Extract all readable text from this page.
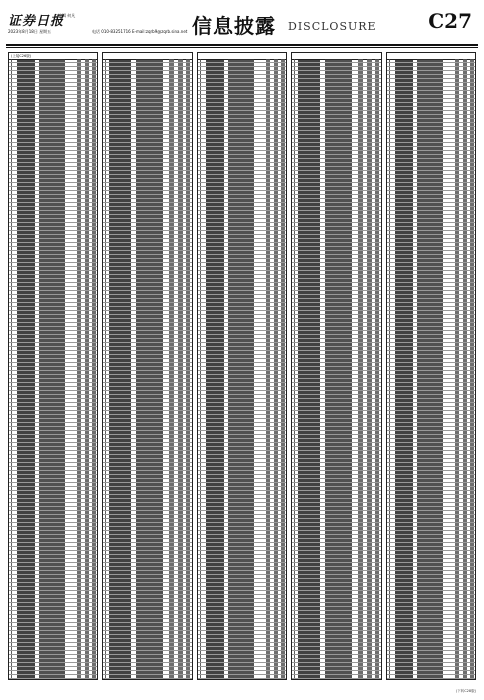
证券日报
编辑 何凡
2023年8月18日 星期五	电话 010-83251716 E-mail:zqrb9@zqrb.sina.net 信息披露 DISCLOSURE	C27
(上接C26版)
(下转C28版)
